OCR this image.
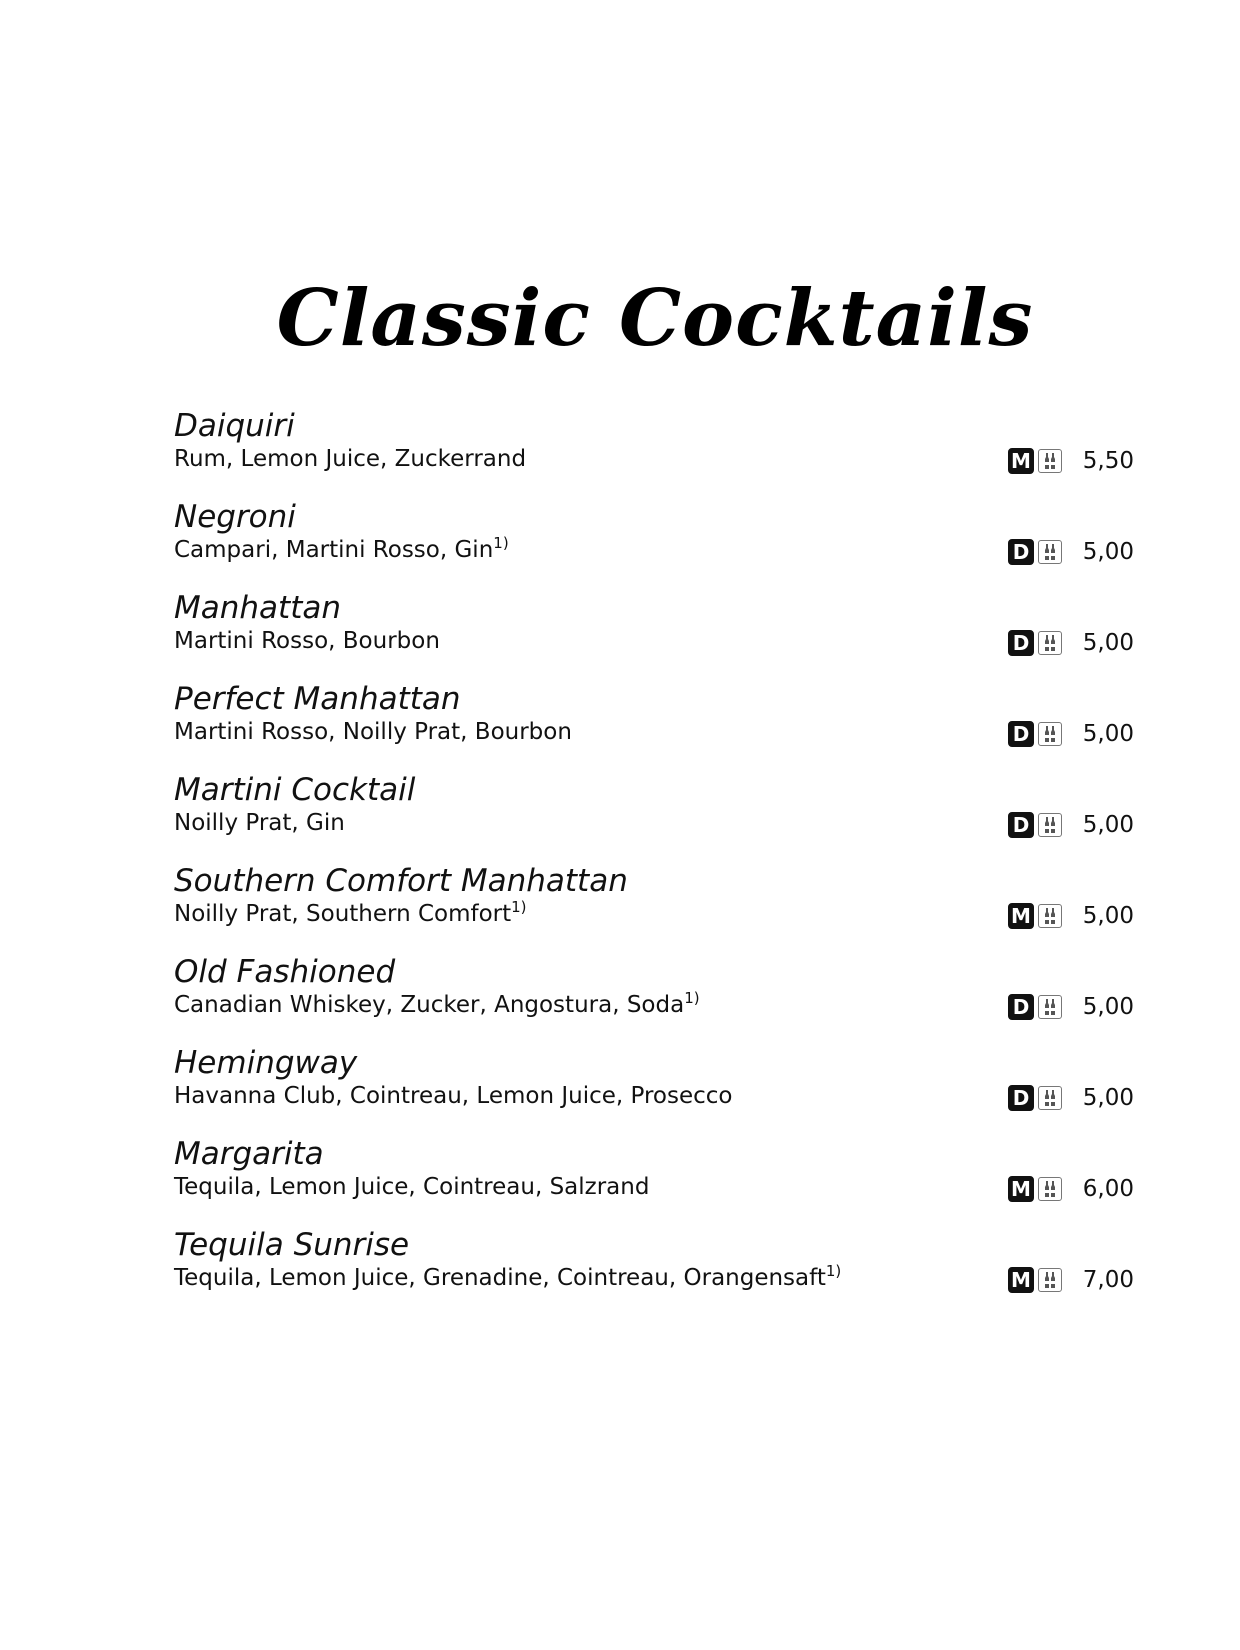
Classic Cocktails
Daiquiri
Rum, Lemon Juice, Zuckerrand	M	5,50
Negroni
Campari, Martini Rosso, Gin$^{1)}$	D	5,00
Manhattan
Martini Rosso, Bourbon	D	5,00
Perfect Manhattan
Martini Rosso, Noilly Prat, Bourbon	D	5,00
Martini Cocktail
Noilly Prat, Gin	D	5,00
Southern Comfort Manhattan
Noilly Prat, Southern Comfort$^{1)}$	M	5,00
Old Fashioned
Canadian Whiskey, Zucker, Angostura, Soda$^{1)}$	D	5,00
Hemingway
Havanna Club, Cointreau, Lemon Juice, Prosecco	D	5,00
Margarita
Tequila, Lemon Juice, Cointreau, Salzrand	M	6,00
Tequila Sunrise
Tequila, Lemon Juice, Grenadine, Cointreau, Orangensaft$^{1)}$	M	7,00
